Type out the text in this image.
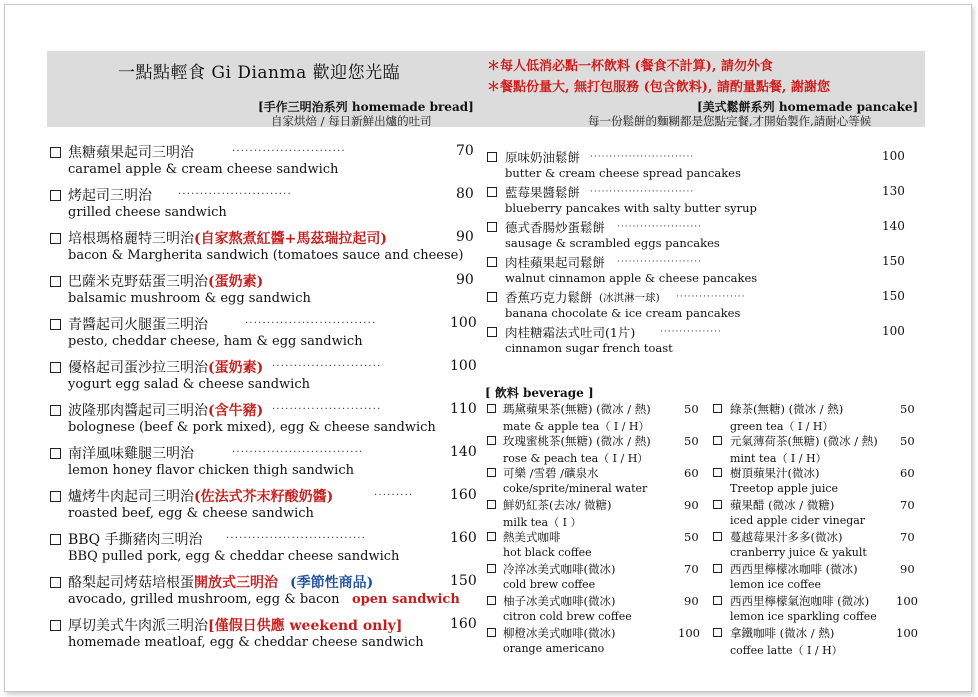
一點點輕食 Gi Dianma 歡迎您光臨	＊每人低消必點一杯飲料 (餐食不計算), 請勿外食
＊餐點份量大, 無打包服務 (包含飲料), 請酌量點餐, 謝謝您
[手作三明治系列 homemade bread]
自家烘焙 / 每日新鮮出爐的吐司
[美式鬆餅系列 homemade pancake]
每一份鬆餅的麵糊都是您點完餐,才開始製作,請耐心等候
焦糖蘋果起司三明治	··························	70
caramel apple & cream cheese sandwich
烤起司三明治	··························	80
grilled cheese sandwich
培根瑪格麗特三明治 (自家熬煮紅醬+馬茲瑞拉起司)	90
bacon & Margherita sandwich (tomatoes sauce and cheese)
巴薩米克野菇蛋三明治 (蛋奶素)	90
balsamic mushroom & egg sandwich
青醬起司火腿蛋三明治	······························	100
pesto, cheddar cheese, ham & egg sandwich
優格起司蛋沙拉三明治 (蛋奶素) ·························	100
yogurt egg salad & cheese sandwich
波隆那肉醬起司三明治 (含牛豬) ·························	110
bolognese (beef & pork mixed), egg & cheese sandwich
南洋風味雞腿三明治	······························	140
lemon honey flavor chicken thigh sandwich
爐烤牛肉起司三明治 (佐法式芥末籽酸奶醬)	·········	160
roasted beef, egg & cheese sandwich
BBQ 手撕豬肉三明治 ································	160
BBQ pulled pork, egg & cheddar cheese sandwich
酪梨起司烤菇培根蛋 開放式三明治 (季節性商品)	150
avocado, grilled mushroom, egg & bacon open sandwich
厚切美式牛肉派三明治 [僅假日供應 weekend only]	160
homemade meatloaf, egg & cheddar cheese sandwich
原味奶油鬆餅 ···························	100
butter & cream cheese spread pancakes
藍莓果醬鬆餅 ···························	130
blueberry pancakes with salty butter syrup
德式香腸炒蛋鬆餅 ······················	140
sausage & scrambled eggs pancakes
肉桂蘋果起司鬆餅 ······················	150
walnut cinnamon apple & cheese pancakes
香蕉巧克力鬆餅 (冰淇淋一球) ··················	150
banana chocolate & ice cream pancakes
肉桂糖霜法式吐司(1片)	················	100
cinnamon sugar french toast
[ 飲料 beverage ]
瑪黛蘋果茶(無糖) (微冰 / 熱)	50
mate & apple tea（ I / H）
玫瑰蜜桃茶(無糖) (微冰 / 熱)	50
rose & peach tea（ I / H）
可樂 /雪碧 /礦泉水	60
coke/sprite/mineral water
鮮奶紅茶(去冰/ 微糖)	90
milk tea（ I ）
熱美式咖啡	50
hot black coffee
冷淬冰美式咖啡(微冰)	70
cold brew coffee
柚子冰美式咖啡(微冰)	90
citron cold brew coffee
柳橙冰美式咖啡(微冰)	100
orange americano
綠茶(無糖) (微冰 / 熱)	50
green tea（ I / H）
元氣薄荷茶(無糖) (微冰 / 熱) 50
mint tea（ I / H）
樹頂蘋果汁(微冰)	60
Treetop apple juice
蘋果醋 (微冰 / 微糖)	70
iced apple cider vinegar
蔓越莓果汁多多(微冰)	70
cranberry juice & yakult
西西里檸檬冰咖啡 (微冰)	90
lemon ice coffee
西西里檸檬氣泡咖啡 (微冰) 100
lemon ice sparkling coffee
拿鐵咖啡 (微冰 / 熱)	100
coffee latte（ I / H）
